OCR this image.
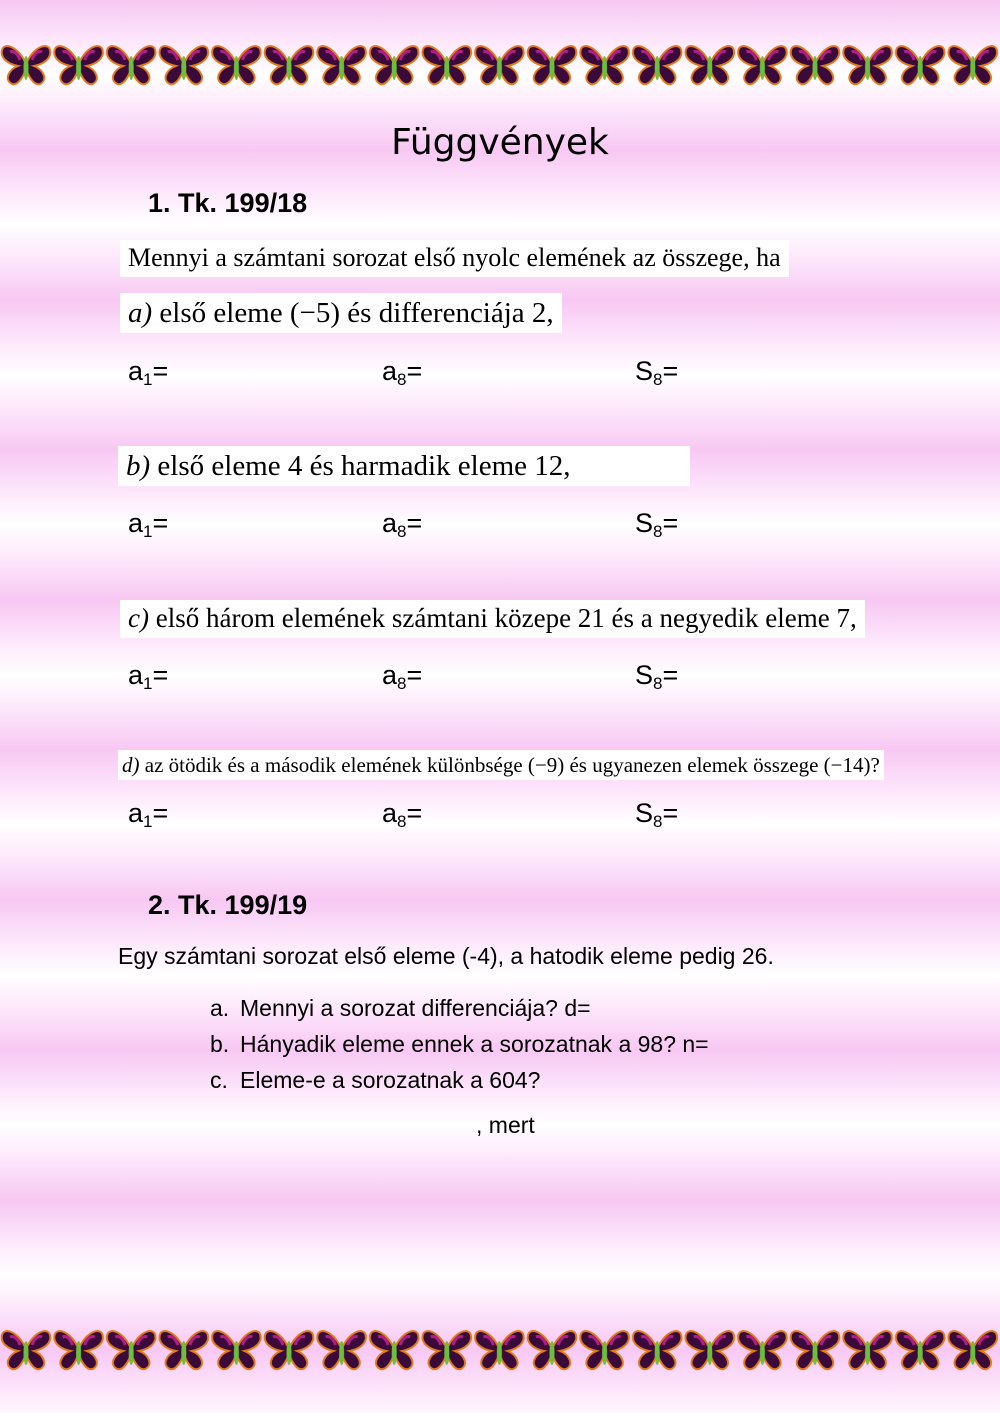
Függvények
1. Tk. 199/18
Mennyi a számtani sorozat első nyolc elemének az összege, ha
a) első eleme (−5) és differenciája 2,
$a_1=$	$a_8=$	$S_8=$
b) első eleme 4 és harmadik eleme 12,
$a_1=$	$a_8=$	$S_8=$
c) első három elemének számtani közepe 21 és a negyedik eleme 7,
$a_1=$	$a_8=$	$S_8=$
d) az ötödik és a második elemének különbsége (−9) és ugyanezen elemek összege (−14)?
$a_1=$	$a_8=$	$S_8=$
2. Tk. 199/19
Egy számtani sorozat első eleme (-4), a hatodik eleme pedig 26.
a. Mennyi a sorozat differenciája? d=
b. Hányadik eleme ennek a sorozatnak a 98? n=
c. Eleme-e a sorozatnak a 604?
, mert
